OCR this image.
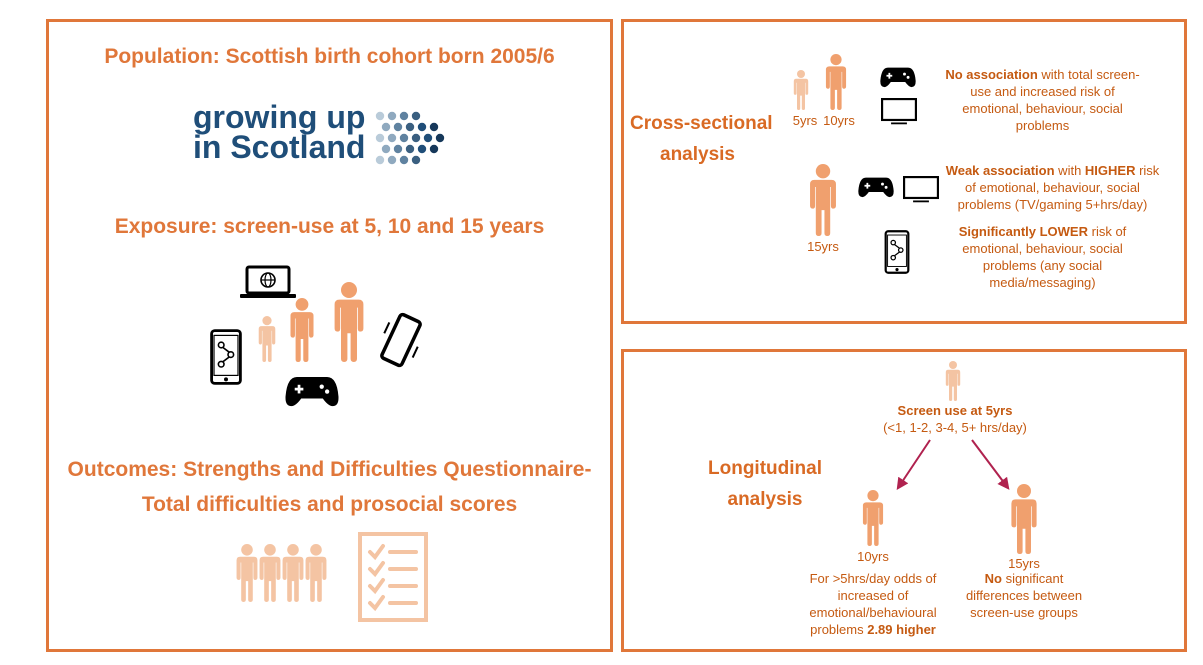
Population: Scottish birth cohort born 2005/6
growing up
in Scotland
Exposure: screen-use at 5, 10 and 15 years
Outcomes: Strengths and Difficulties Questionnaire-
Total difficulties and prosocial scores
Cross-sectional
analysis
5yrs 10yrs
No association with total screen-
use and increased risk of
emotional, behaviour, social
problems
15yrs
Weak association with HIGHER risk
of emotional, behaviour, social
problems (TV/gaming 5+hrs/day)
Significantly LOWER risk of
emotional, behaviour, social
problems (any social
media/messaging)
Longitudinal
analysis
Screen use at 5yrs
(<1, 1-2, 3-4, 5+ hrs/day)
10yrs
For >5hrs/day odds of
increased of
emotional/behavioural
problems 2.89 higher
15yrs
No significant
differences between
screen-use groups
